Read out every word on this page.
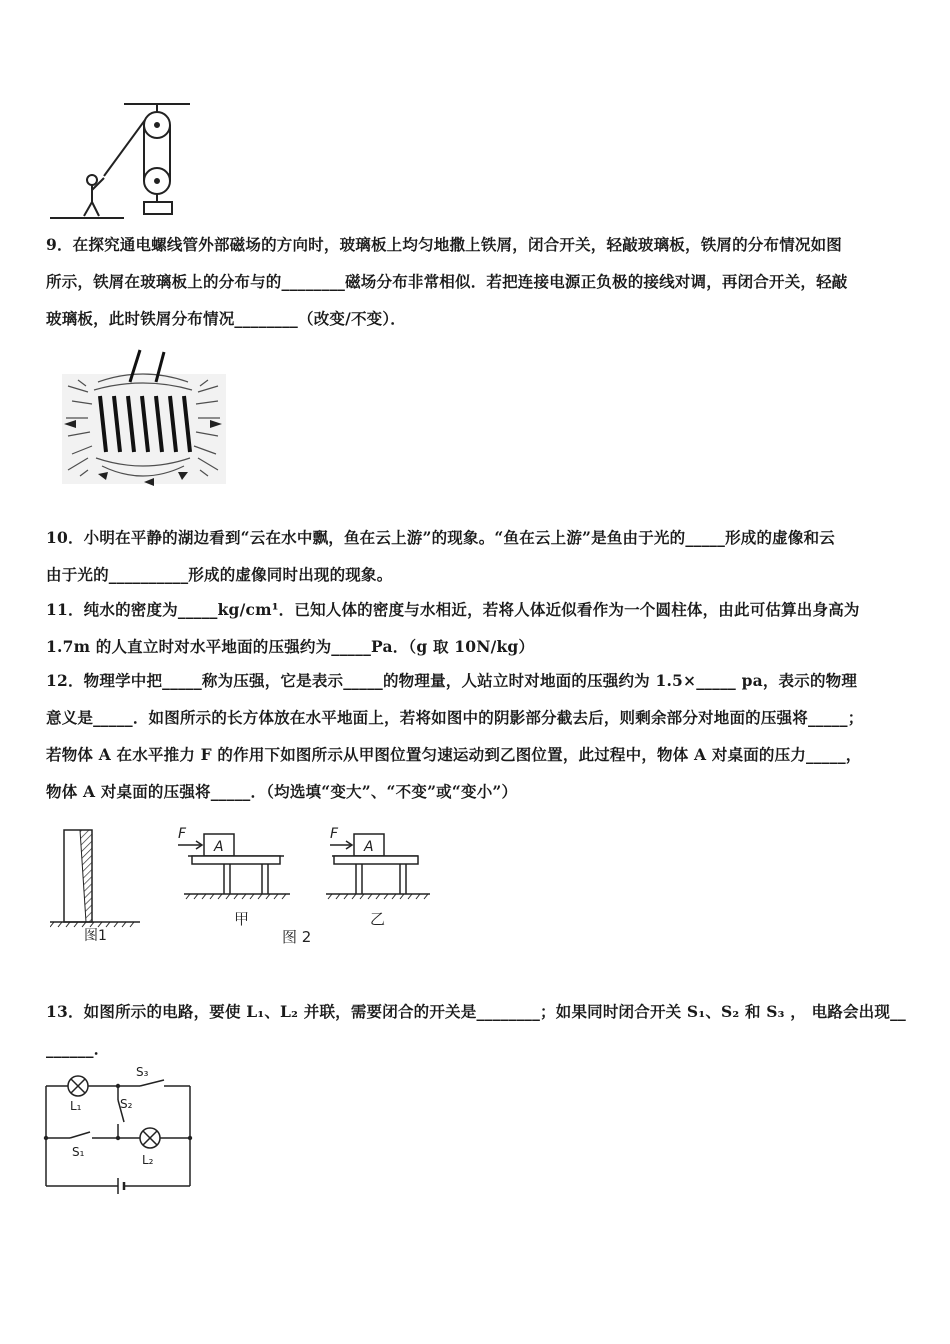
9．在探究通电螺线管外部磁场的方向时，玻璃板上均匀地撒上铁屑，闭合开关，轻敲玻璃板，铁屑的分布情况如图
所示，铁屑在玻璃板上的分布与的________磁场分布非常相似．若把连接电源正负极的接线对调，再闭合开关，轻敲
玻璃板，此时铁屑分布情况________（改变/不变）．
10．小明在平静的湖边看到“云在水中飘，鱼在云上游”的现象。“鱼在云上游”是鱼由于光的_____形成的虚像和云
由于光的__________形成的虚像同时出现的现象。
11．纯水的密度为_____kg/cm¹．已知人体的密度与水相近，若将人体近似看作为一个圆柱体，由此可估算出身高为
1.7m 的人直立时对水平地面的压强约为_____Pa．（g 取 10N/kg）
12．物理学中把_____称为压强，它是表示_____的物理量，人站立时对地面的压强约为 1.5×_____ pa，表示的物理
意义是_____．如图所示的长方体放在水平地面上，若将如图中的阴影部分截去后，则剩余部分对地面的压强将_____；
若物体 A 在水平推力 F 的作用下如图所示从甲图位置匀速运动到乙图位置，此过程中，物体 A 对桌面的压力_____，
物体 A 对桌面的压强将_____．（均选填“变大”、“不变”或“变小”）
图1
F
A
F
A
甲	乙
图 2
13．如图所示的电路，要使 L₁、L₂ 并联，需要闭合的开关是________；如果同时闭合开关 S₁、S₂ 和 S₃ ， 电路会出现__
______．
L₁
S₃
S₂
S₁
L₂
